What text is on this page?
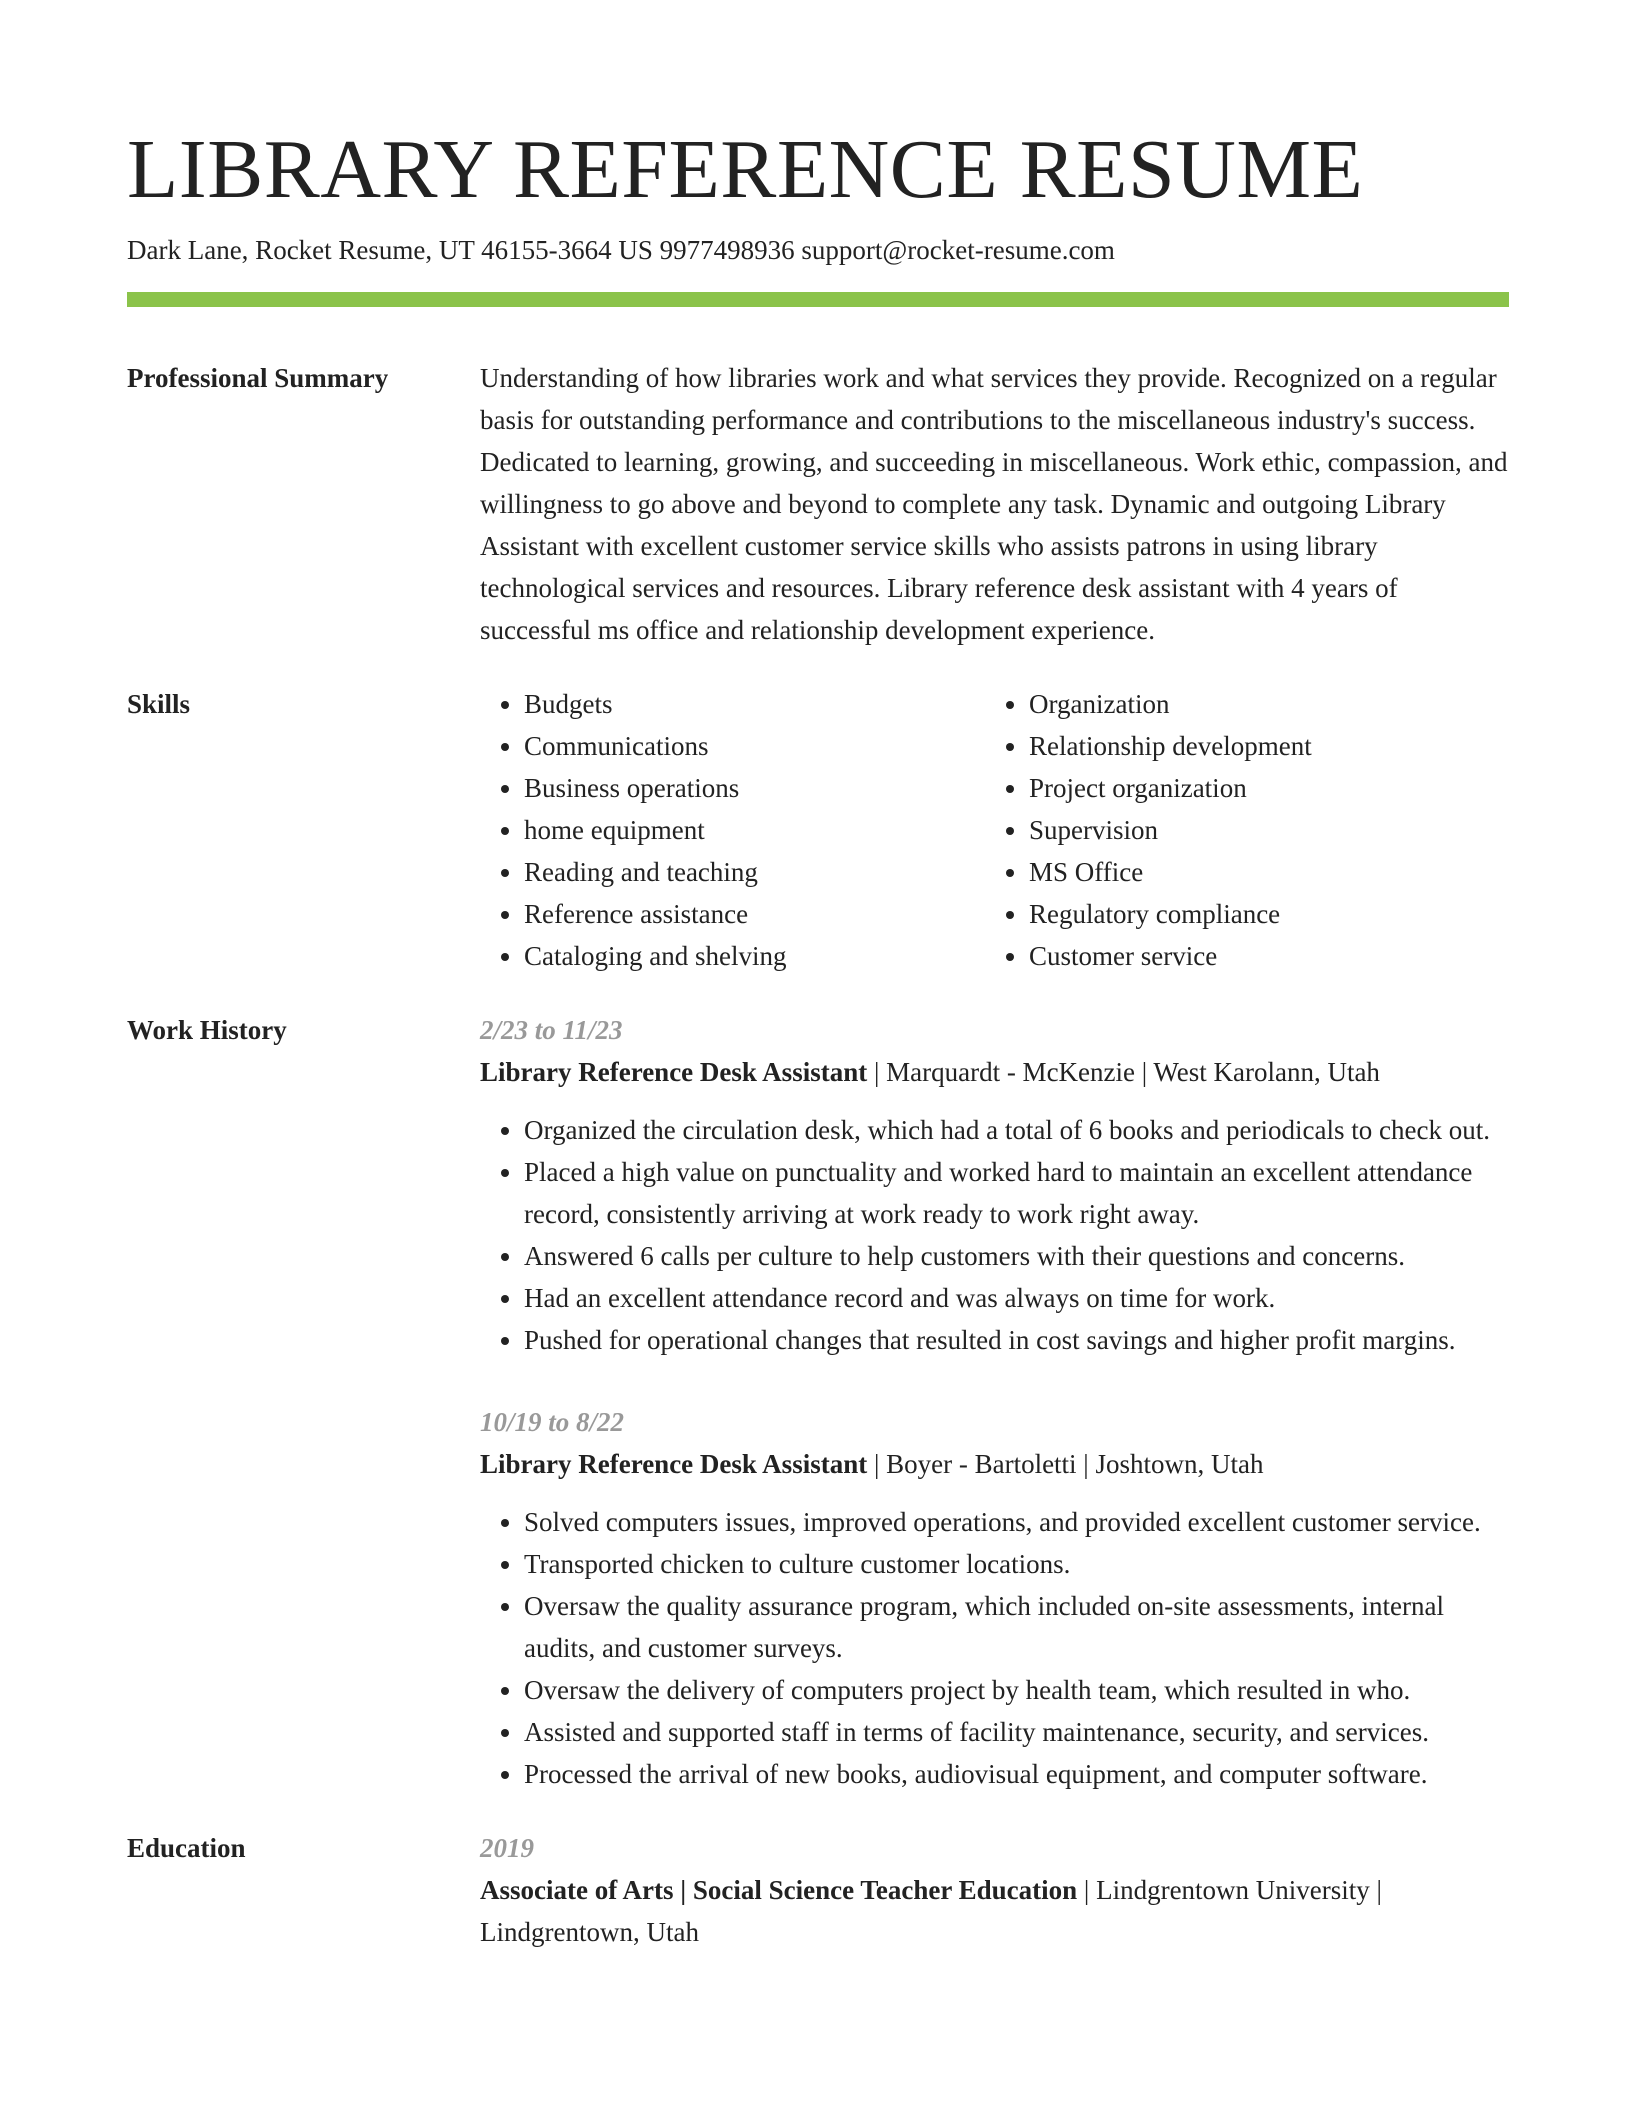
LIBRARY REFERENCE RESUME
Dark Lane, Rocket Resume, UT 46155-3664 US 9977498936 support@rocket-resume.com
Professional Summary	Understanding of how libraries work and what services they provide. Recognized on a regular basis for outstanding performance and contributions to the miscellaneous industry's success. Dedicated to learning, growing, and succeeding in miscellaneous. Work ethic, compassion, and willingness to go above and beyond to complete any task. Dynamic and outgoing Library Assistant with excellent customer service skills who assists patrons in using library technological services and resources. Library reference desk assistant with 4 years of successful ms office and relationship development experience.

Skills
•	Budgets
• Communications
• Business operations
• home equipment
• Reading and teaching
• Reference assistance
• Cataloging and shelving
• Organization
• Relationship development
• Project organization
• Supervision
• MS Office
• Regulatory compliance
• Customer service
Work History	2/23 to 11/23
Library Reference Desk Assistant | Marquardt - McKenzie | West Karolann, Utah
• Organized the circulation desk, which had a total of 6 books and periodicals to check out.
• Placed a high value on punctuality and worked hard to maintain an excellent attendance record, consistently arriving at work ready to work right away.
• Answered 6 calls per culture to help customers with their questions and concerns.
• Had an excellent attendance record and was always on time for work.
• Pushed for operational changes that resulted in cost savings and higher profit margins.
10/19 to 8/22
Library Reference Desk Assistant | Boyer - Bartoletti | Joshtown, Utah
• Solved computers issues, improved operations, and provided excellent customer service.
• Transported chicken to culture customer locations.
• Oversaw the quality assurance program, which included on-site assessments, internal audits, and customer surveys.
• Oversaw the delivery of computers project by health team, which resulted in who.
• Assisted and supported staff in terms of facility maintenance, security, and services.
• Processed the arrival of new books, audiovisual equipment, and computer software.
Education	2019
Associate of Arts | Social Science Teacher Education | Lindgrentown University | Lindgrentown, Utah
